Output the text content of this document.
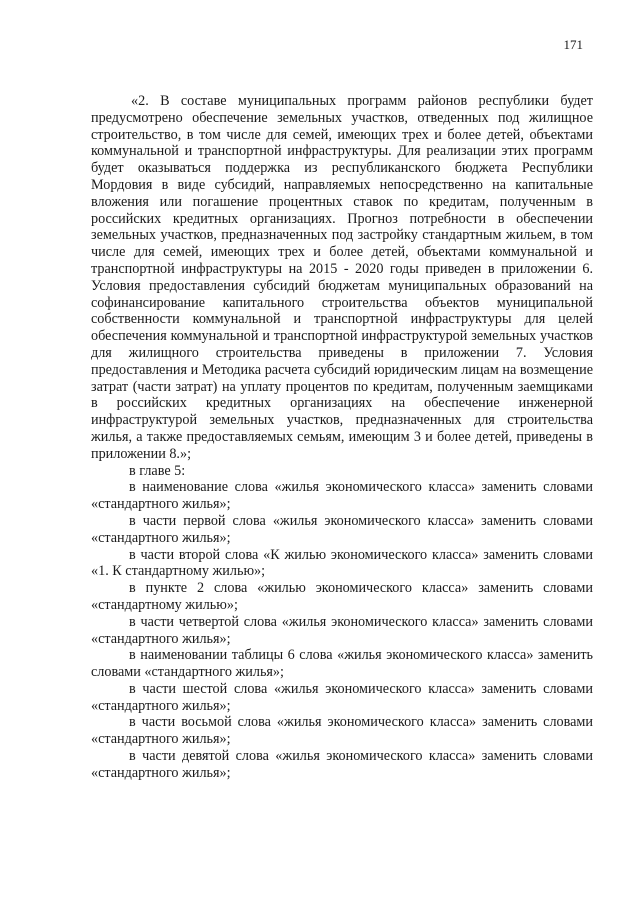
171

«2. В составе муниципальных программ районов республики будет предусмотрено обеспечение земельных участков, отведенных под жилищное строительство, в том числе для семей, имеющих трех и более детей, объектами коммунальной и транспортной инфраструктуры. Для реализации этих программ будет оказываться поддержка из республиканского бюджета Республики Мордовия в виде субсидий, направляемых непосредственно на капитальные вложения или погашение процентных ставок по кредитам, полученным в российских кредитных организациях. Прогноз потребности в обеспечении земельных участков, предназначенных под застройку стандартным жильем, в том числе для семей, имеющих трех и более детей, объектами коммунальной и транспортной инфраструктуры на 2015 - 2020 годы приведен в приложении 6. Условия предоставления субсидий бюджетам муниципальных образований на софинансирование капитального строительства объектов муниципальной собственности коммунальной и транспортной инфраструктуры для целей обеспечения коммунальной и транспортной инфраструктурой земельных участков для жилищного строительства приведены в приложении 7. Условия предоставления и Методика расчета субсидий юридическим лицам на возмещение затрат (части затрат) на уплату процентов по кредитам, полученным заемщиками в российских кредитных организациях на обеспечение инженерной инфраструктурой земельных участков, предназначенных для строительства жилья, а также предоставляемых семьям, имеющим 3 и более детей, приведены в приложении 8.»;

в главе 5:

в наименование слова «жилья экономического класса» заменить словами «стандартного жилья»;

в части первой слова «жилья экономического класса» заменить словами «стандартного жилья»;

в части второй слова «К жилью экономического класса» заменить словами «1. К стандартному жилью»;

в пункте 2 слова «жилью экономического класса» заменить словами «стандартному жилью»;

в части четвертой слова «жилья экономического класса» заменить словами «стандартного жилья»;

в наименовании таблицы 6 слова «жилья экономического класса» заменить словами «стандартного жилья»;

в части шестой слова «жилья экономического класса» заменить словами «стандартного жилья»;

в части восьмой слова «жилья экономического класса» заменить словами «стандартного жилья»;

в части девятой слова «жилья экономического класса» заменить словами «стандартного жилья»;
